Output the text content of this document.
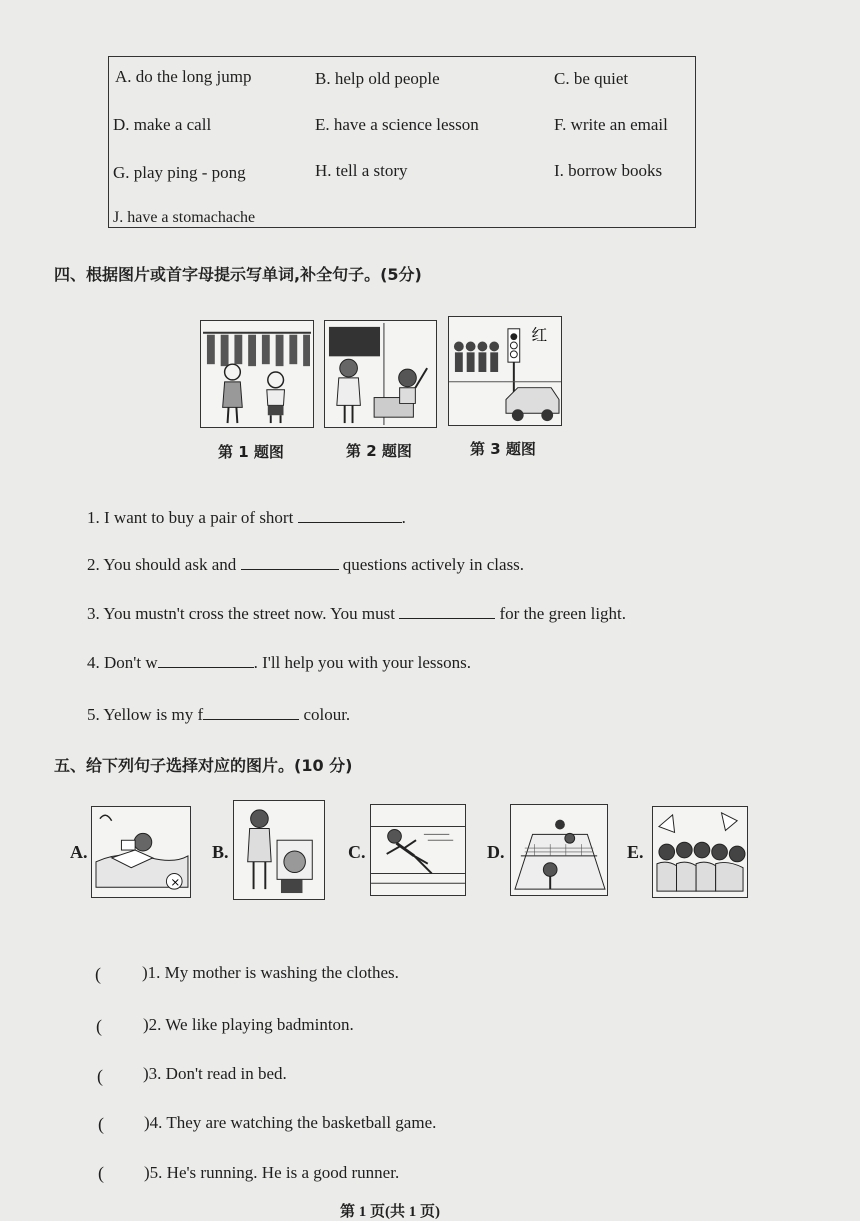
A. do the long jump	B. help old people	C. be quiet
D. make a call	E. have a science lesson	F. write an email
G. play ping - pong	H. tell a story	I. borrow books
J. have a stomachache
四、根据图片或首字母提示写单词,补全句子。(5分)
红
第 1 题图	第 2 题图	第 3 题图
1. I want to buy a pair of short	.
2. You should ask and	questions actively in class.
3. You mustn't cross the street now. You must	for the green light.
4. Don't w	. I'll help you with your lessons.
5. Yellow is my f	colour.
五、给下列句子选择对应的图片。(10 分)
A.
×
B.	C.	D.	E.
( )1. My mother is washing the clothes.
( )2. We like playing badminton.
( )3. Don't read in bed.
( )4. They are watching the basketball game.
( )5. He's running. He is a good runner.
第 1 页(共 1 页)
